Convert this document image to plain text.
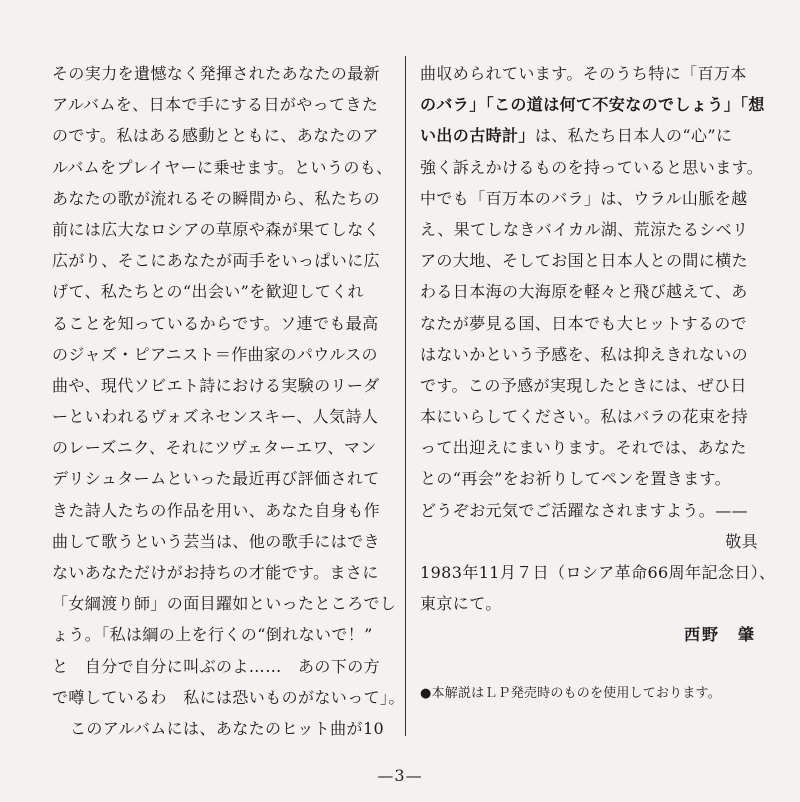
その実力を遺憾なく発揮されたあなたの最新
アルバムを、日本で手にする日がやってきた
のです。私はある感動とともに、あなたのア
ルバムをプレイヤーに乗せます。というのも、
あなたの歌が流れるその瞬間から、私たちの
前には広大なロシアの草原や森が果てしなく
広がり、そこにあなたが両手をいっぱいに広
げて、私たちとの“出会い”を歓迎してくれ
ることを知っているからです。ソ連でも最高
のジャズ・ピアニスト＝作曲家のパウルスの
曲や、現代ソビエト詩における実験のリーダ
ーといわれるヴォズネセンスキー、人気詩人
のレーズニク、それにツヴェターエワ、マン
デリシュタームといった最近再び評価されて
きた詩人たちの作品を用い、あなた自身も作
曲して歌うという芸当は、他の歌手にはでき
ないあなただけがお持ちの才能です。まさに
「女綱渡り師」の面目躍如といったところでし
ょう。「私は綱の上を行くの“倒れないで！”
と　自分で自分に叫ぶのよ……　あの下の方
で噂しているわ　私には恐いものがないって」。
このアルバムには、あなたのヒット曲が10
曲収められています。そのうち特に「百万本
のバラ」「この道は何て不安なのでしょう」「想
い出の古時計」は、私たち日本人の“心”に
強く訴えかけるものを持っていると思います。
中でも「百万本のバラ」は、ウラル山脈を越
え、果てしなきバイカル湖、荒涼たるシベリ
アの大地、そしてお国と日本人との間に横た
わる日本海の大海原を軽々と飛び越えて、あ
なたが夢見る国、日本でも大ヒットするので
はないかという予感を、私は抑えきれないの
です。この予感が実現したときには、ぜひ日
本にいらしてください。私はバラの花束を持
って出迎えにまいります。それでは、あなた
との“再会”をお祈りしてペンを置きます。
どうぞお元気でご活躍なされますよう。——
敬具
1983年11月７日（ロシア革命66周年記念日）、
東京にて。
西野　肇
●本解説はＬＰ発売時のものを使用しております。
—3—
